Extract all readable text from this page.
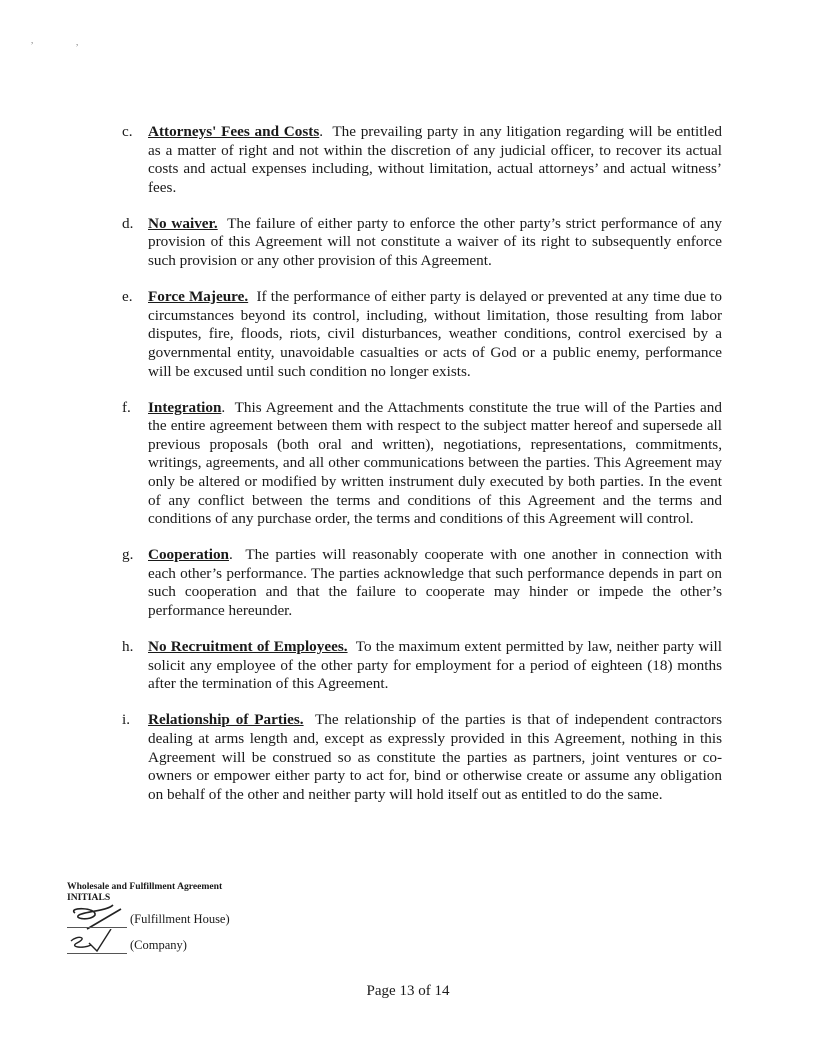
,	,
c. Attorneys' Fees and Costs. The prevailing party in any litigation regarding will be entitled as a matter of right and not within the discretion of any judicial officer, to recover its actual costs and actual expenses including, without limitation, actual attorneys’ and actual witness’ fees.
d. No waiver. The failure of either party to enforce the other party’s strict performance of any provision of this Agreement will not constitute a waiver of its right to subsequently enforce such provision or any other provision of this Agreement.
e. Force Majeure. If the performance of either party is delayed or prevented at any time due to circumstances beyond its control, including, without limitation, those resulting from labor disputes, fire, floods, riots, civil disturbances, weather conditions, control exercised by a governmental entity, unavoidable casualties or acts of God or a public enemy, performance will be excused until such condition no longer exists.
f. Integration. This Agreement and the Attachments constitute the true will of the Parties and the entire agreement between them with respect to the subject matter hereof and supersede all previous proposals (both oral and written), negotiations, representations, commitments, writings, agreements, and all other communications between the parties. This Agreement may only be altered or modified by written instrument duly executed by both parties. In the event of any conflict between the terms and conditions of this Agreement and the terms and conditions of any purchase order, the terms and conditions of this Agreement will control.
g. Cooperation. The parties will reasonably cooperate with one another in connection with each other’s performance. The parties acknowledge that such performance depends in part on such cooperation and that the failure to cooperate may hinder or impede the other’s performance hereunder.
h. No Recruitment of Employees. To the maximum extent permitted by law, neither party will solicit any employee of the other party for employment for a period of eighteen (18) months after the termination of this Agreement.
i. Relationship of Parties. The relationship of the parties is that of independent contractors dealing at arms length and, except as expressly provided in this Agreement, nothing in this Agreement will be construed so as constitute the parties as partners, joint ventures or co-owners or empower either party to act for, bind or otherwise create or assume any obligation on behalf of the other and neither party will hold itself out as entitled to do the same.
Wholesale and Fulfillment Agreement
INITIALS
(Fulfillment House)
(Company)
Page 13 of 14
